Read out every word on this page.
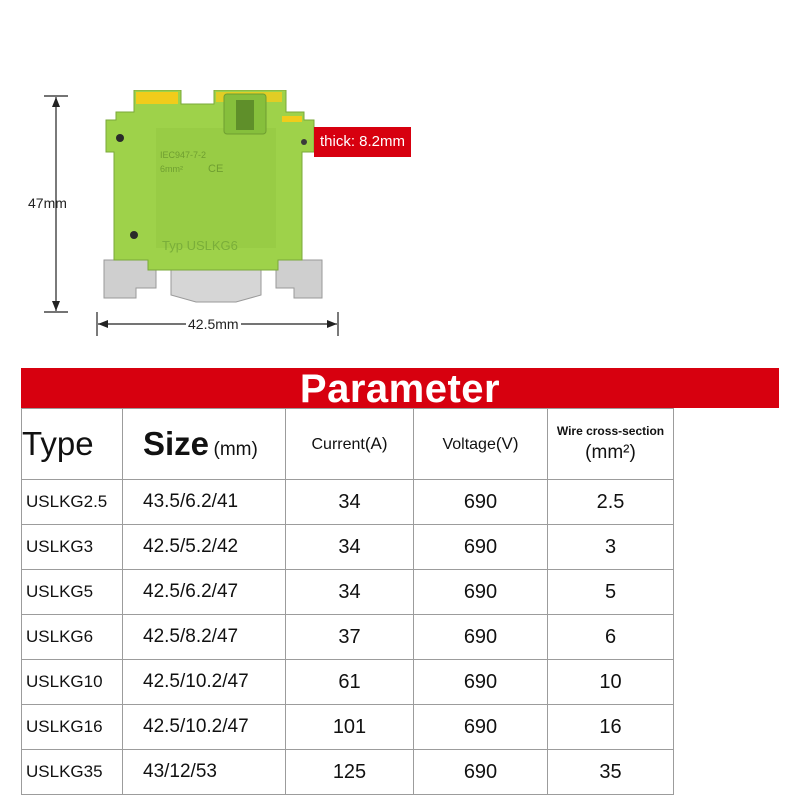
47mm
42.5mm
IEC947-7-2
6mm² CE
Typ USLKG6
thick: 8.2mm
Parameter
Type	Size (mm)	Current(A)	Voltage(V)	Wire cross-section
(mm²)	

USLKG2.5	43.5/6.2/41	34	690	2.5	
USLKG3	42.5/5.2/42	34	690	3	
USLKG5	42.5/6.2/47	34	690	5	
USLKG6	42.5/8.2/47	37	690	6	
USLKG10	42.5/10.2/47	61	690	10	
USLKG16	42.5/10.2/47	101	690	16	
USLKG35	43/12/53	125	690	35	
